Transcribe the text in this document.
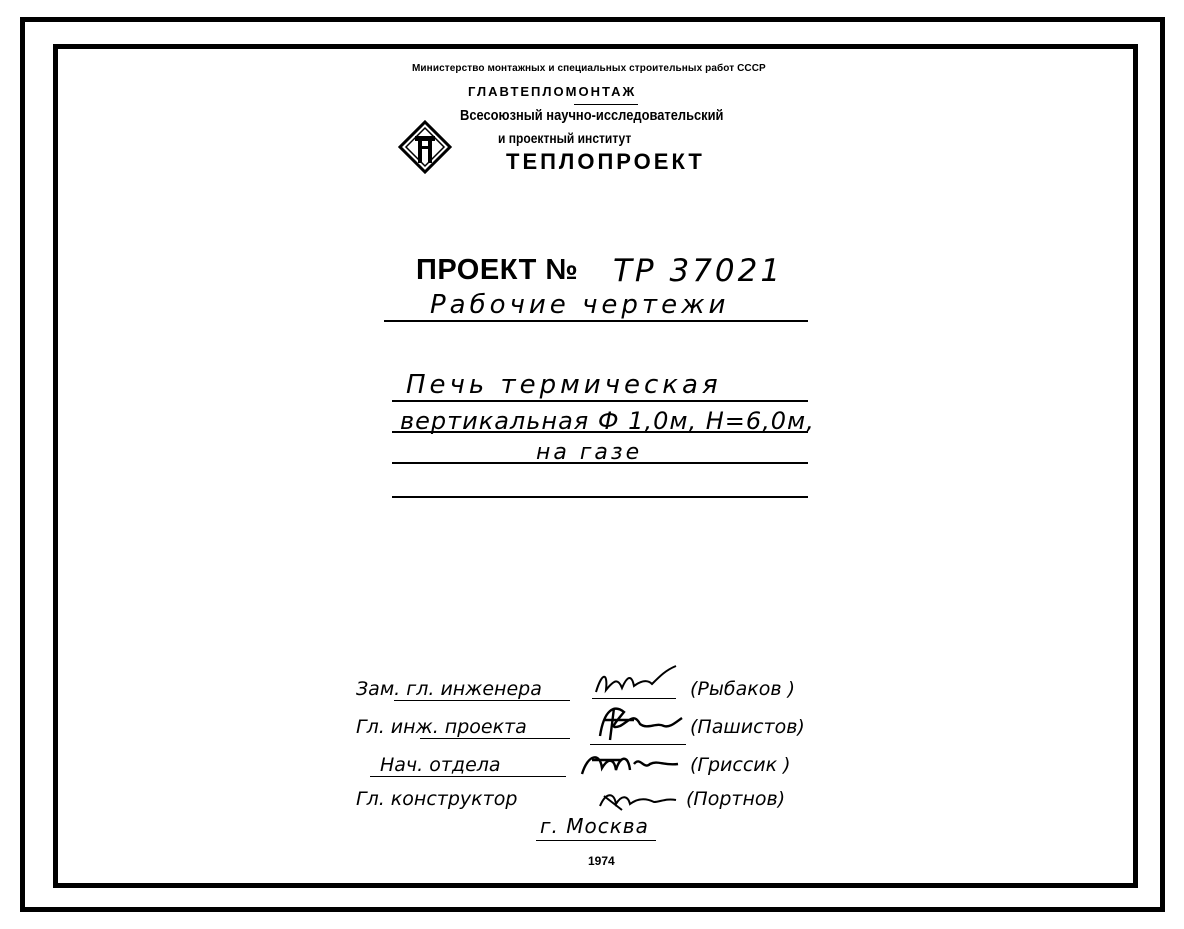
Министерство монтажных и специальных строительных работ СССР
ГЛАВТЕПЛОМОНТАЖ
Всесоюзный научно-исследовательский
и проектный институт
ТЕПЛОПРОЕКТ
ПРОЕКТ № ТР 37021
Рабочие чертежи
Печь термическая
вертикальная Ф 1,0м, Н=6,0м,
на газе
Зам. гл. инженера	(Рыбаков )
Гл. инж. проекта	(Пашистов)
Нач. отдела	(Гриссик )
Гл. конструктор	(Портнов)
г. Москва
1974
